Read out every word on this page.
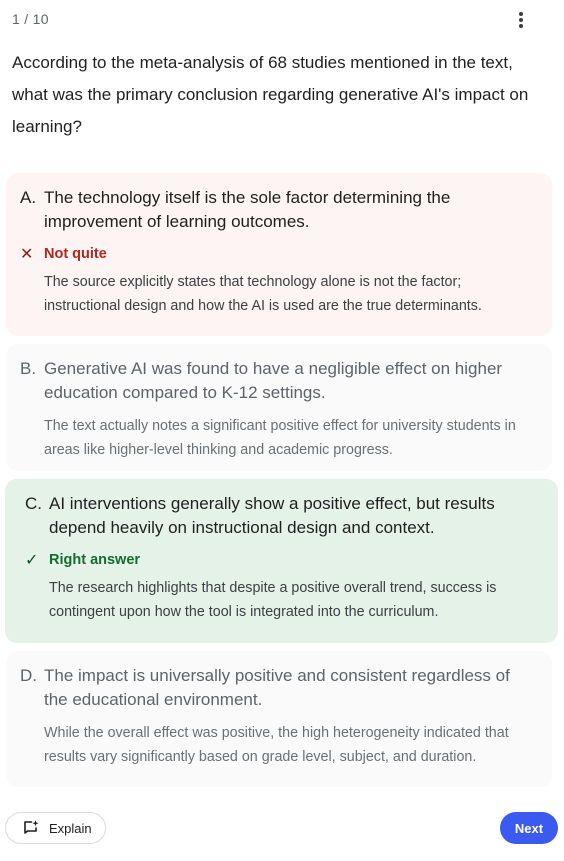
1 / 10
According to the meta-analysis of 68 studies mentioned in the text, what was the primary conclusion regarding generative AI's impact on learning?
A. The technology itself is the sole factor determining the improvement of learning outcomes.
✕ Not quite
The source explicitly states that technology alone is not the factor; instructional design and how the AI is used are the true determinants.
B. Generative AI was found to have a negligible effect on higher education compared to K-12 settings.
The text actually notes a significant positive effect for university students in areas like higher-level thinking and academic progress.
C. AI interventions generally show a positive effect, but results depend heavily on instructional design and context.
✓ Right answer
The research highlights that despite a positive overall trend, success is contingent upon how the tool is integrated into the curriculum.
D. The impact is universally positive and consistent regardless of the educational environment.
While the overall effect was positive, the high heterogeneity indicated that results vary significantly based on grade level, subject, and duration.
Explain	Next
